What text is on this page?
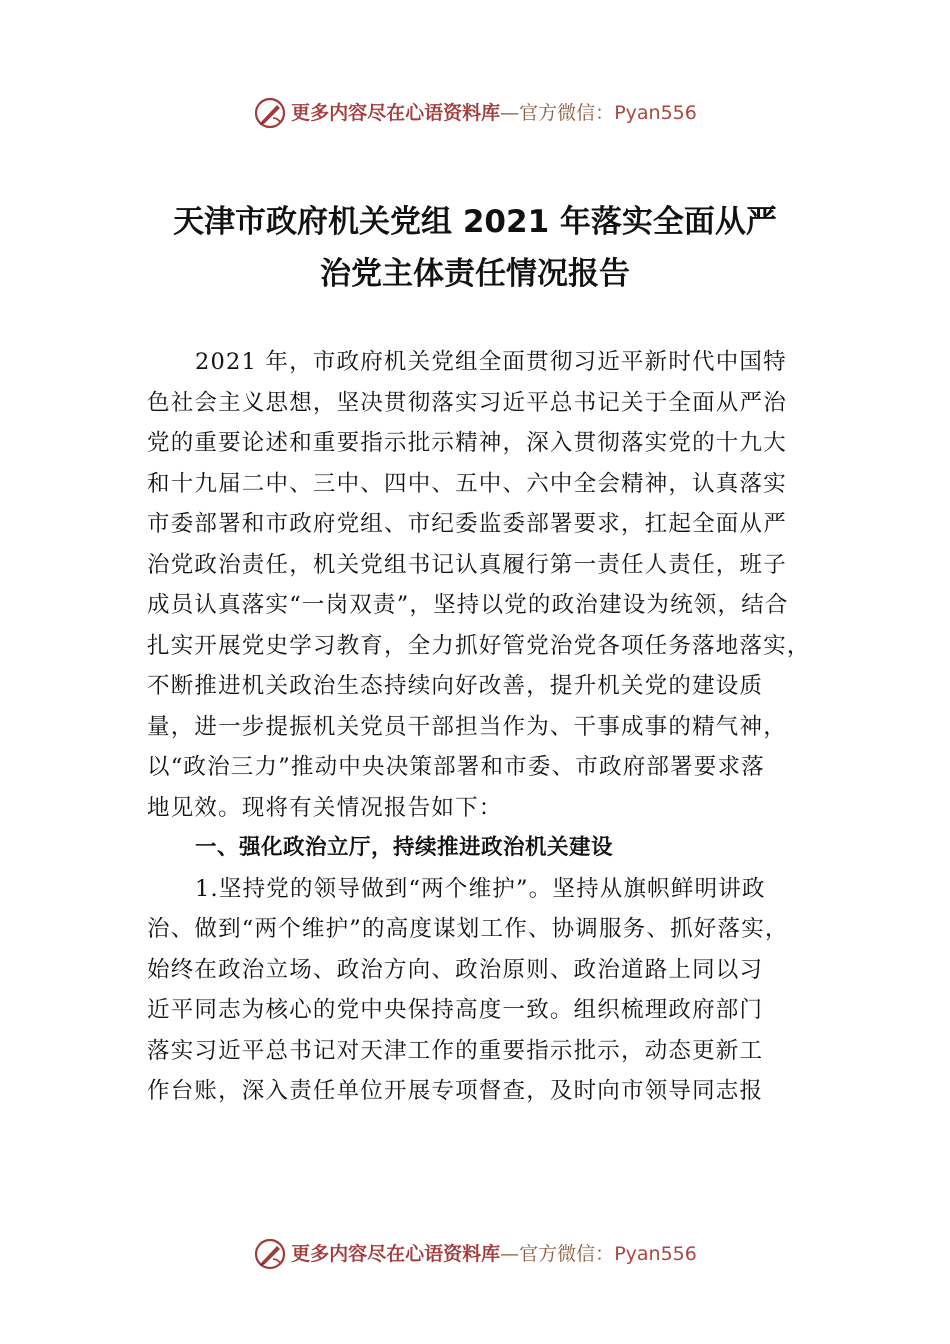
更多内容尽在心语资料库 —官方微信： Pyan556
天津市政府机关党组 2021 年落实全面从严
治党主体责任情况报告
2021 年，市政府机关党组全面贯彻习近平新时代中国特
色社会主义思想，坚决贯彻落实习近平总书记关于全面从严治
党的重要论述和重要指示批示精神，深入贯彻落实党的十九大
和十九届二中、三中、四中、五中、六中全会精神，认真落实
市委部署和市政府党组、市纪委监委部署要求，扛起全面从严
治党政治责任，机关党组书记认真履行第一责任人责任，班子
成员认真落实“一岗双责”，坚持以党的政治建设为统领，结合
扎实开展党史学习教育，全力抓好管党治党各项任务落地落实，
不断推进机关政治生态持续向好改善，提升机关党的建设质
量，进一步提振机关党员干部担当作为、干事成事的精气神，
以“政治三力”推动中央决策部署和市委、市政府部署要求落
地见效。现将有关情况报告如下：
一、强化政治立厅，持续推进政治机关建设
1.坚持党的领导做到“两个维护”。坚持从旗帜鲜明讲政
治、做到“两个维护”的高度谋划工作、协调服务、抓好落实，
始终在政治立场、政治方向、政治原则、政治道路上同以习
近平同志为核心的党中央保持高度一致。组织梳理政府部门
落实习近平总书记对天津工作的重要指示批示，动态更新工
作台账，深入责任单位开展专项督查，及时向市领导同志报
更多内容尽在心语资料库 —官方微信： Pyan556
